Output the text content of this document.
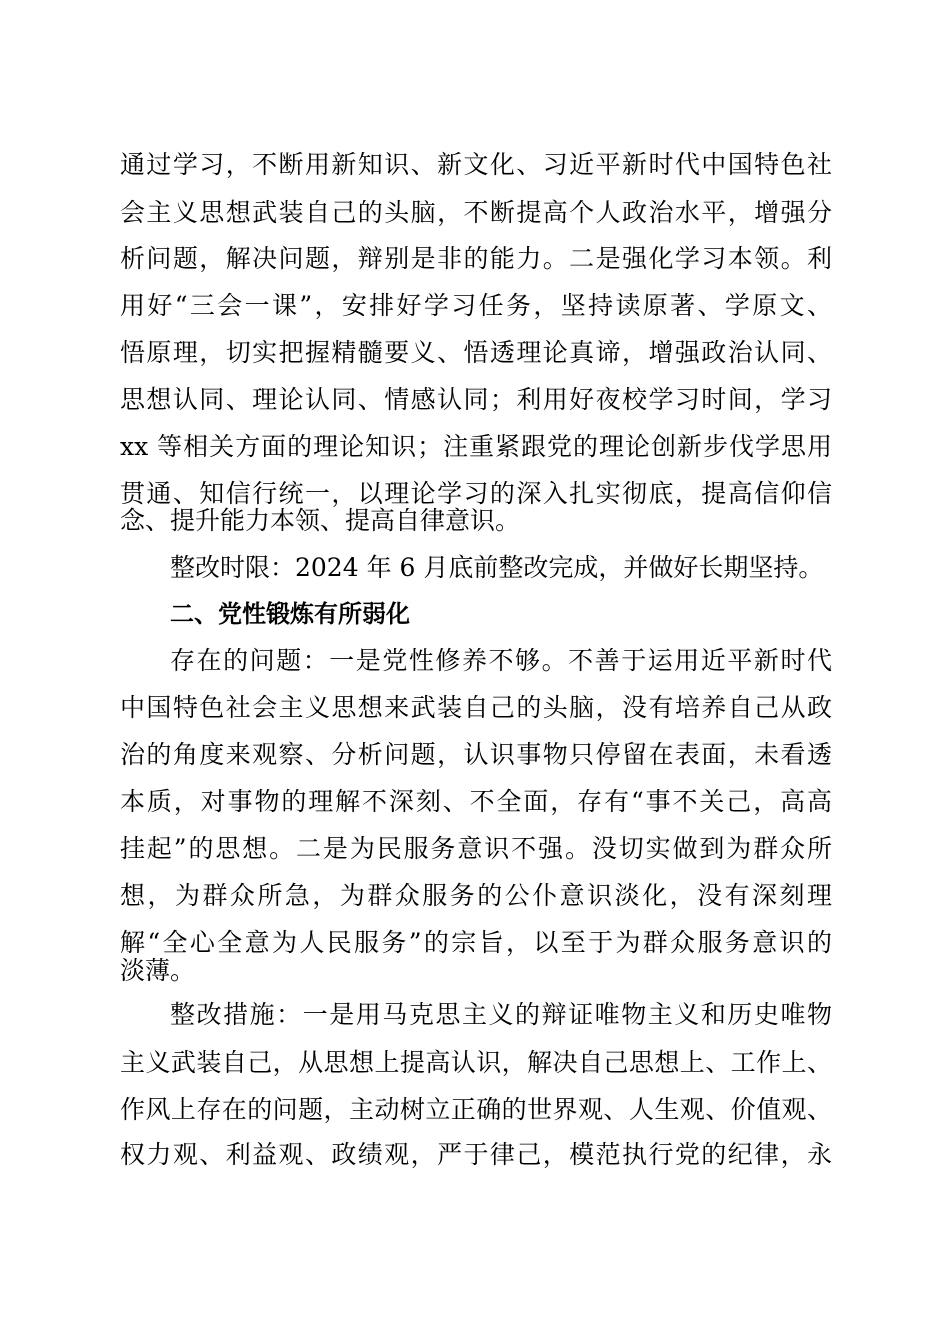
通过学习，不断用新知识、新文化、习近平新时代中国特色社
会主义思想武装自己的头脑，不断提高个人政治水平，增强分
析问题，解决问题，辩别是非的能力。二是强化学习本领。利
用好“三会一课”，安排好学习任务，坚持读原著、学原文、
悟原理，切实把握精髓要义、悟透理论真谛，增强政治认同、
思想认同、理论认同、情感认同；利用好夜校学习时间，学习
xx 等相关方面的理论知识；注重紧跟党的理论创新步伐学思用
贯通、知信行统一，以理论学习的深入扎实彻底，提高信仰信
念、提升能力本领、提高自律意识。
整改时限：2024 年 6 月底前整改完成，并做好长期坚持。
二、党性锻炼有所弱化
存在的问题：一是党性修养不够。不善于运用近平新时代
中国特色社会主义思想来武装自己的头脑，没有培养自己从政
治的角度来观察、分析问题，认识事物只停留在表面，未看透
本质，对事物的理解不深刻、不全面，存有“事不关己，高高
挂起”的思想。二是为民服务意识不强。没切实做到为群众所
想，为群众所急，为群众服务的公仆意识淡化，没有深刻理
解“全心全意为人民服务”的宗旨，以至于为群众服务意识的
淡薄。
整改措施：一是用马克思主义的辩证唯物主义和历史唯物
主义武装自己，从思想上提高认识，解决自己思想上、工作上、
作风上存在的问题，主动树立正确的世界观、人生观、价值观、
权力观、利益观、政绩观，严于律己，模范执行党的纪律，永
